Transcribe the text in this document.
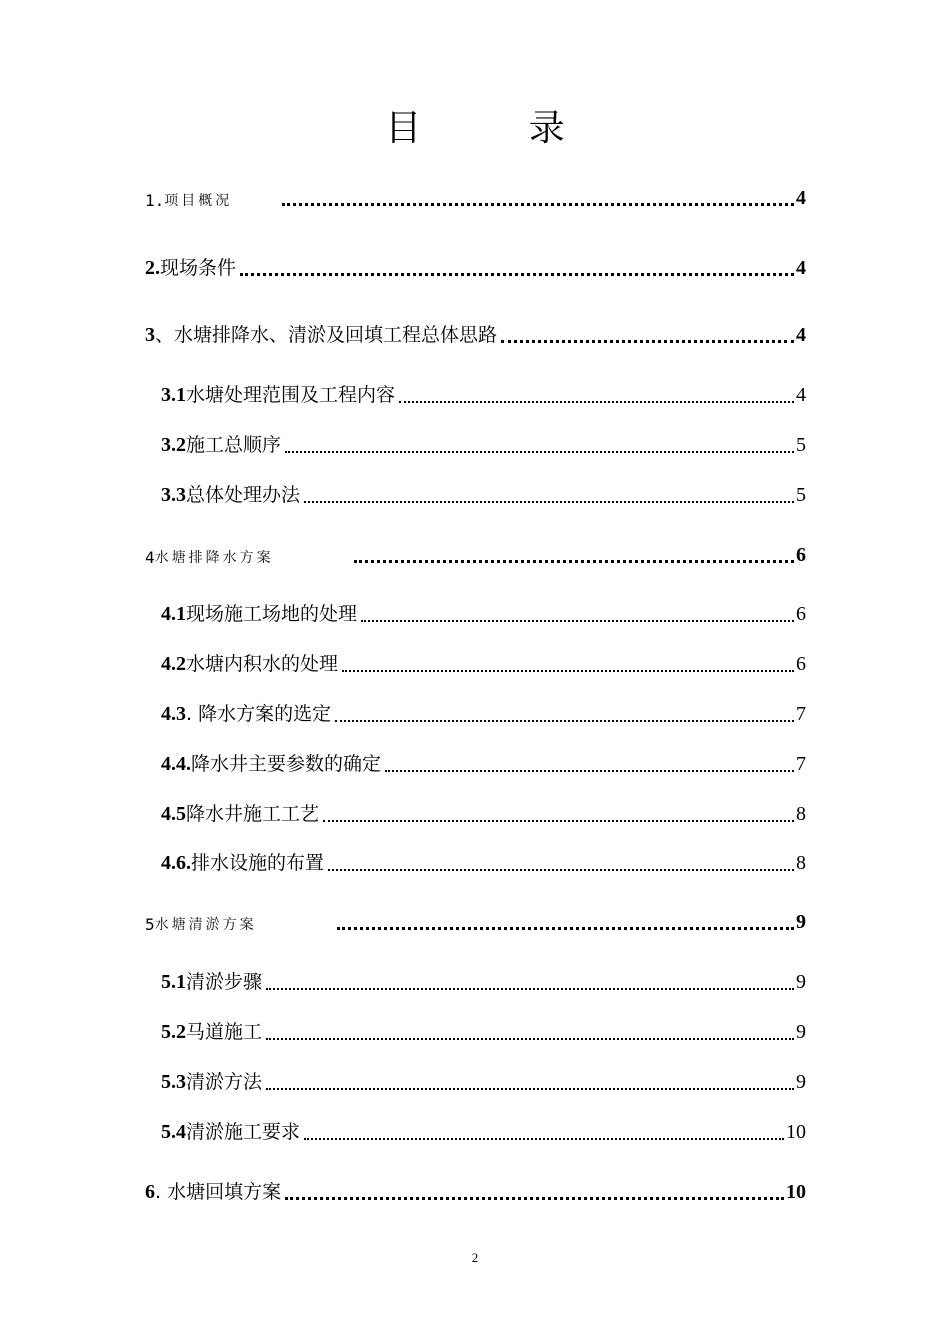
目 录
1. 项目概况	4
2. 现场条件	4
3 、水塘排降水、清淤及回填工程总体思路	4
3.1 水塘处理范围及工程内容	4
3.2 施工总顺序	5
3.3 总体处理办法	5
4 水塘排降水方案	6
4.1 现场施工场地的处理	6
4.2 水塘内积水的处理	6
4.3 . 降水方案的选定	7
4.4. 降水井主要参数的确定	7
4.5 降水井施工工艺	8
4.6. 排水设施的布置	8
5 水塘清淤方案	9
5.1 清淤步骤	9
5.2 马道施工	9
5.3 清淤方法	9
5.4 清淤施工要求	10
6 . 水塘回填方案	10
2
